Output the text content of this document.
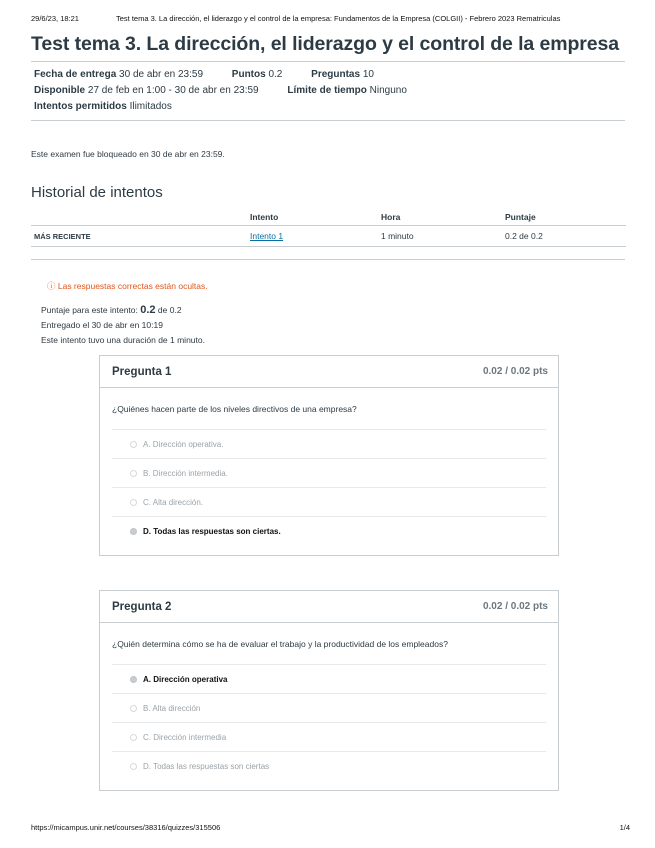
29/6/23, 18:21	Test tema 3. La dirección, el liderazgo y el control de la empresa: Fundamentos de la Empresa (COLGII) - Febrero 2023 Rematriculas
Test tema 3. La dirección, el liderazgo y el control de la empresa
Fecha de entrega 30 de abr en 23:59	Puntos 0.2	Preguntas 10
Disponible 27 de feb en 1:00 - 30 de abr en 23:59	Límite de tiempo Ninguno
Intentos permitidos Ilimitados
Este examen fue bloqueado en 30 de abr en 23:59.
Historial de intentos
	Intento	Hora	Puntaje
MÁS RECIENTE	Intento 1	1 minuto	0.2 de 0.2
ⓘ Las respuestas correctas están ocultas.
Puntaje para este intento: 0.2 de 0.2
Entregado el 30 de abr en 10:19
Este intento tuvo una duración de 1 minuto.
Pregunta 1	0.02 / 0.02 pts
¿Quiénes hacen parte de los niveles directivos de una empresa?
A. Dirección operativa.
B. Dirección intermedia.
C. Alta dirección.
D. Todas las respuestas son ciertas.
Pregunta 2	0.02 / 0.02 pts
¿Quién determina cómo se ha de evaluar el trabajo y la productividad de los empleados?
A. Dirección operativa
B. Alta dirección
C. Dirección intermedia
D. Todas las respuestas son ciertas
https://micampus.unir.net/courses/38316/quizzes/315506	1/4
